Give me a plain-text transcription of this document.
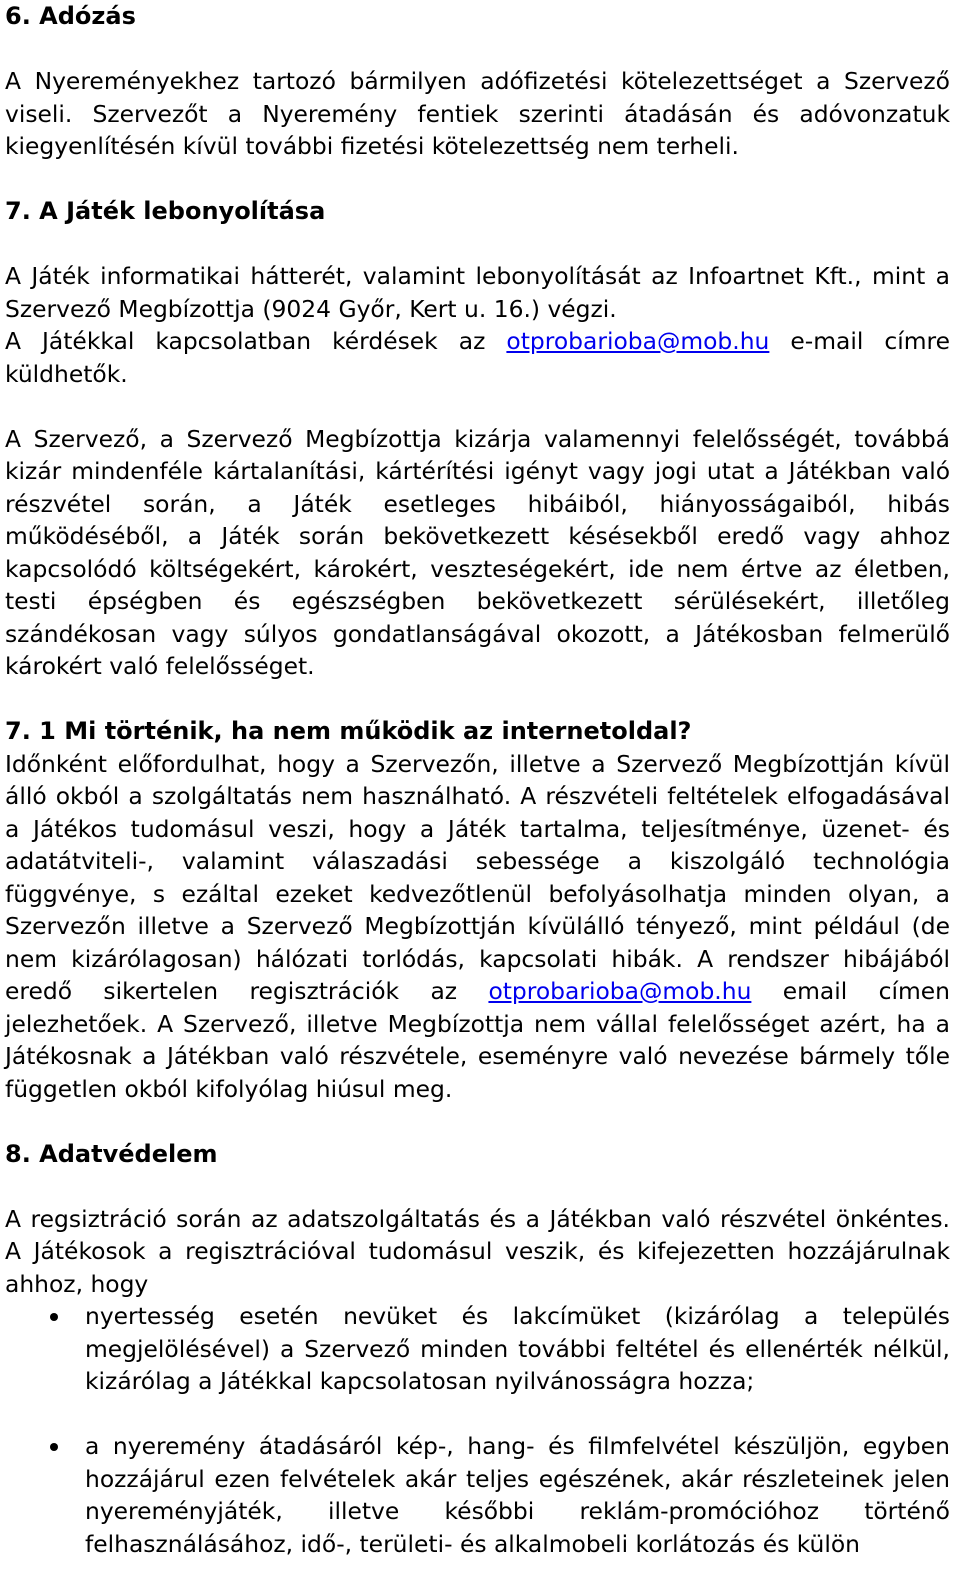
6. Adózás

A Nyereményekhez tartozó bármilyen adófizetési kötelezettséget a Szervező viseli. Szervezőt a Nyeremény fentiek szerinti átadásán és adóvonzatuk kiegyenlítésén kívül további fizetési kötelezettség nem terheli.

7. A Játék lebonyolítása

A Játék informatikai hátterét, valamint lebonyolítását az Infoartnet Kft., mint a Szervező Megbízottja (9024 Győr, Kert u. 16.) végzi.

A Játékkal kapcsolatban kérdések az otprobarioba@mob.hu e-mail címre küldhetők.

A Szervező, a Szervező Megbízottja kizárja valamennyi felelősségét, továbbá kizár mindenféle kártalanítási, kártérítési igényt vagy jogi utat a Játékban való részvétel során, a Játék esetleges hibáiból, hiányosságaiból, hibás működéséből, a Játék során bekövetkezett késésekből eredő vagy ahhoz kapcsolódó költségekért, károkért, veszteségekért, ide nem értve az életben, testi épségben és egészségben bekövetkezett sérülésekért, illetőleg szándékosan vagy súlyos gondatlanságával okozott, a Játékosban felmerülő károkért való felelősséget.

7. 1 Mi történik, ha nem működik az internetoldal?

Időnként előfordulhat, hogy a Szervezőn, illetve a Szervező Megbízottján kívül álló okból a szolgáltatás nem használható. A részvételi feltételek elfogadásával a Játékos tudomásul veszi, hogy a Játék tartalma, teljesítménye, üzenet- és adatátviteli-, valamint válaszadási sebessége a kiszolgáló technológia függvénye, s ezáltal ezeket kedvezőtlenül befolyásolhatja minden olyan, a Szervezőn illetve a Szervező Megbízottján kívülálló tényező, mint például (de nem kizárólagosan) hálózati torlódás, kapcsolati hibák. A rendszer hibájából eredő sikertelen regisztrációk az otprobarioba@mob.hu email címen jelezhetőek. A Szervező, illetve Megbízottja nem vállal felelősséget azért, ha a Játékosnak a Játékban való részvétele, eseményre való nevezése bármely tőle független okból kifolyólag hiúsul meg.

8. Adatvédelem

A regsiztráció során az adatszolgáltatás és a Játékban való részvétel önkéntes. A Játékosok a regisztrációval tudomásul veszik, és kifejezetten hozzájárulnak ahhoz, hogy

nyertesség esetén nevüket és lakcímüket (kizárólag a település megjelölésével) a Szervező minden további feltétel és ellenérték nélkül, kizárólag a Játékkal kapcsolatosan nyilvánosságra hozza;
a nyeremény átadásáról kép-, hang- és filmfelvétel készüljön, egyben hozzájárul ezen felvételek akár teljes egészének, akár részleteinek jelen nyereményjáték, illetve későbbi reklám-promócióhoz történő felhasználásához, idő-, területi- és alkalmobeli korlátozás és külön
